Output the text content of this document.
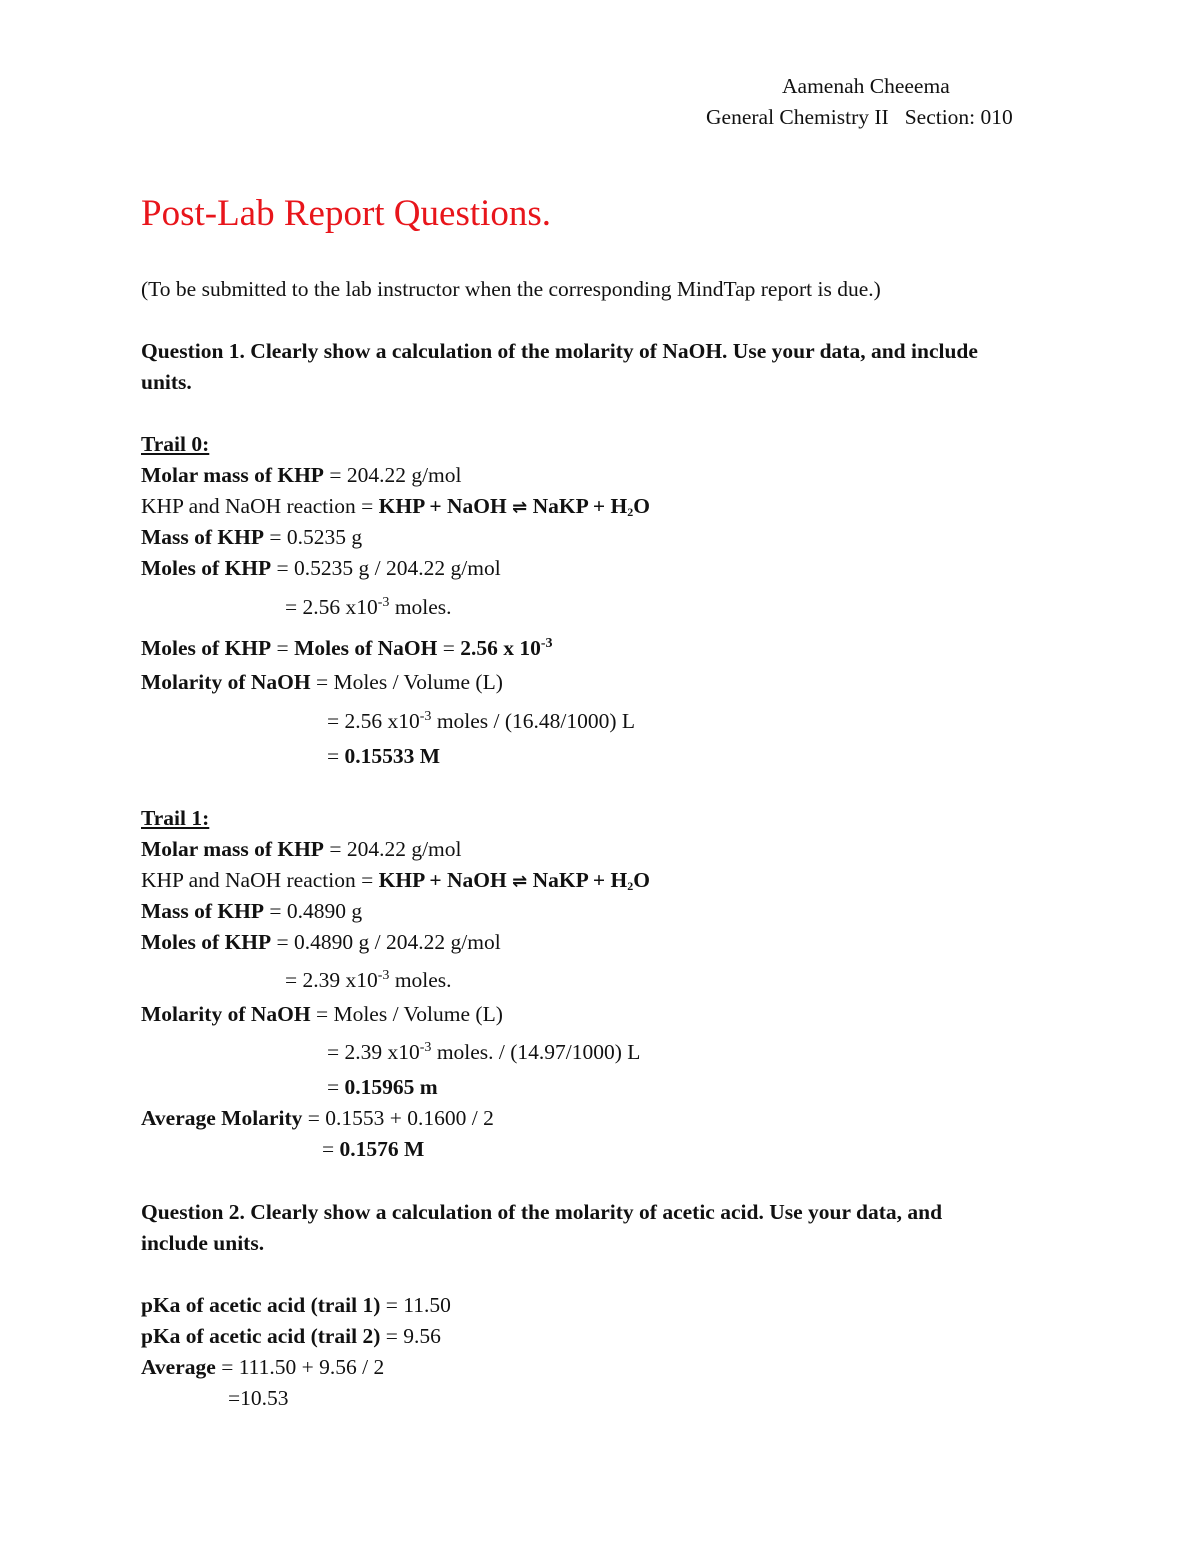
Aamenah Cheeema
General Chemistry II Section: 010
Post-Lab Report Questions.
(To be submitted to the lab instructor when the corresponding MindTap report is due.)
Question 1. Clearly show a calculation of the molarity of NaOH. Use your data, and include
units.
Trail 0:
Molar mass of KHP = 204.22 g/mol
KHP and NaOH reaction = KHP + NaOH ⇌ NaKP + $H_2O$
Mass of KHP = 0.5235 g
Moles of KHP = 0.5235 g / 204.22 g/mol
= 2.56 $x10^{-3}$ moles.
Moles of KHP = Moles of NaOH = 2.56 x $10^{-3}$
Molarity of NaOH = Moles / Volume (L)
= 2.56 $x10^{-3}$ moles / (16.48/1000) L
= 0.15533 M
Trail 1:
Molar mass of KHP = 204.22 g/mol
KHP and NaOH reaction = KHP + NaOH ⇌ NaKP + $H_2O$
Mass of KHP = 0.4890 g
Moles of KHP = 0.4890 g / 204.22 g/mol
= 2.39 $x10^{-3}$ moles.
Molarity of NaOH = Moles / Volume (L)
= 2.39 $x10^{-3}$ moles. / (14.97/1000) L
= 0.15965 m
Average Molarity = 0.1553 + 0.1600 / 2
= 0.1576 M
Question 2. Clearly show a calculation of the molarity of acetic acid. Use your data, and
include units.
pKa of acetic acid (trail 1) = 11.50
pKa of acetic acid (trail 2) = 9.56
Average = 111.50 + 9.56 / 2
=10.53
